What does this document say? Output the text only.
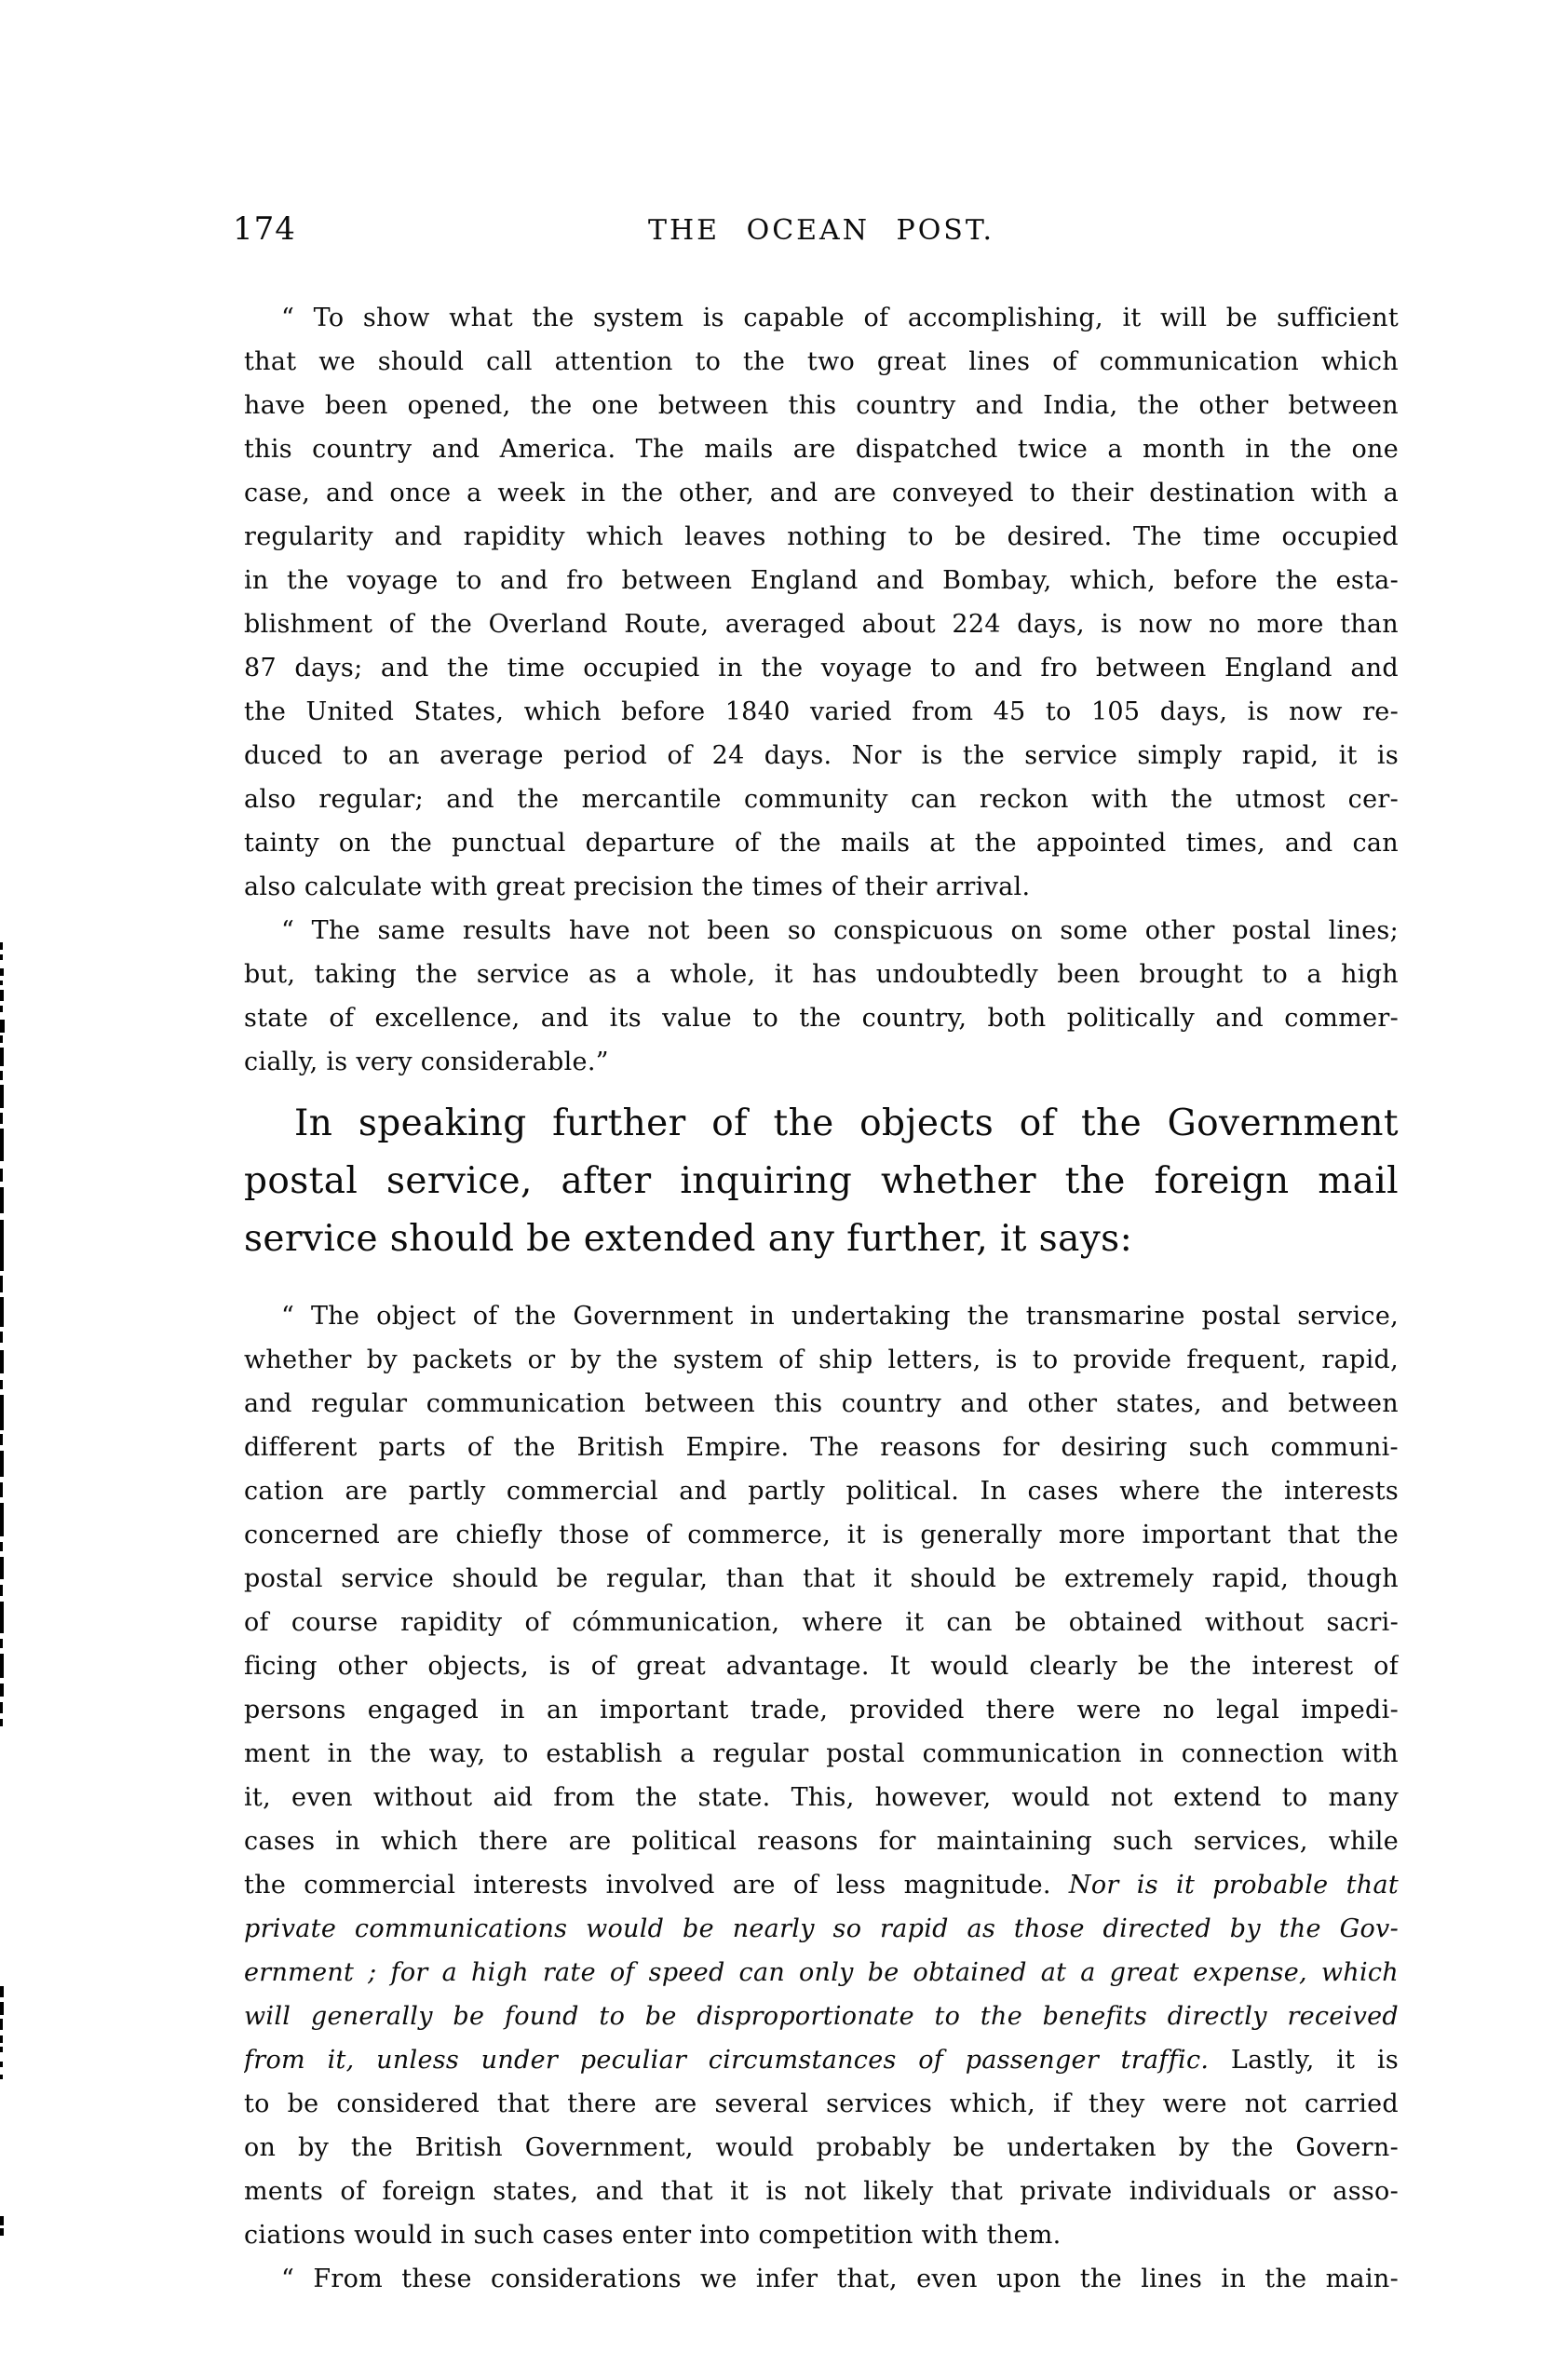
174	THE OCEAN POST.
“ To show what the system is capable of accomplishing, it will be sufficient
that we should call attention to the two great lines of communication which
have been opened, the one between this country and India, the other between
this country and America. The mails are dispatched twice a month in the one
case, and once a week in the other, and are conveyed to their destination with a
regularity and rapidity which leaves nothing to be desired. The time occupied
in the voyage to and fro between England and Bombay, which, before the esta-
blishment of the Overland Route, averaged about 224 days, is now no more than
87 days; and the time occupied in the voyage to and fro between England and
the United States, which before 1840 varied from 45 to 105 days, is now re-
duced to an average period of 24 days. Nor is the service simply rapid, it is
also regular; and the mercantile community can reckon with the utmost cer-
tainty on the punctual departure of the mails at the appointed times, and can
also calculate with great precision the times of their arrival.
“ The same results have not been so conspicuous on some other postal lines;
but, taking the service as a whole, it has undoubtedly been brought to a high
state of excellence, and its value to the country, both politically and commer-
cially, is very considerable.”
In speaking further of the objects of the Government
postal service, after inquiring whether the foreign mail
service should be extended any further, it says:
“ The object of the Government in undertaking the transmarine postal service,
whether by packets or by the system of ship letters, is to provide frequent, rapid,
and regular communication between this country and other states, and between
different parts of the British Empire. The reasons for desiring such communi-
cation are partly commercial and partly political. In cases where the interests
concerned are chiefly those of commerce, it is generally more important that the
postal service should be regular, than that it should be extremely rapid, though
of course rapidity of cómmunication, where it can be obtained without sacri-
ficing other objects, is of great advantage. It would clearly be the interest of
persons engaged in an important trade, provided there were no legal impedi-
ment in the way, to establish a regular postal communication in connection with
it, even without aid from the state. This, however, would not extend to many
cases in which there are political reasons for maintaining such services, while
the commercial interests involved are of less magnitude. Nor is it probable that
private communications would be nearly so rapid as those directed by the Gov-
ernment ; for a high rate of speed can only be obtained at a great expense, which
will generally be found to be disproportionate to the benefits directly received
from it, unless under peculiar circumstances of passenger traffic. Lastly, it is
to be considered that there are several services which, if they were not carried
on by the British Government, would probably be undertaken by the Govern-
ments of foreign states, and that it is not likely that private individuals or asso-
ciations would in such cases enter into competition with them.
“ From these considerations we infer that, even upon the lines in the main-
